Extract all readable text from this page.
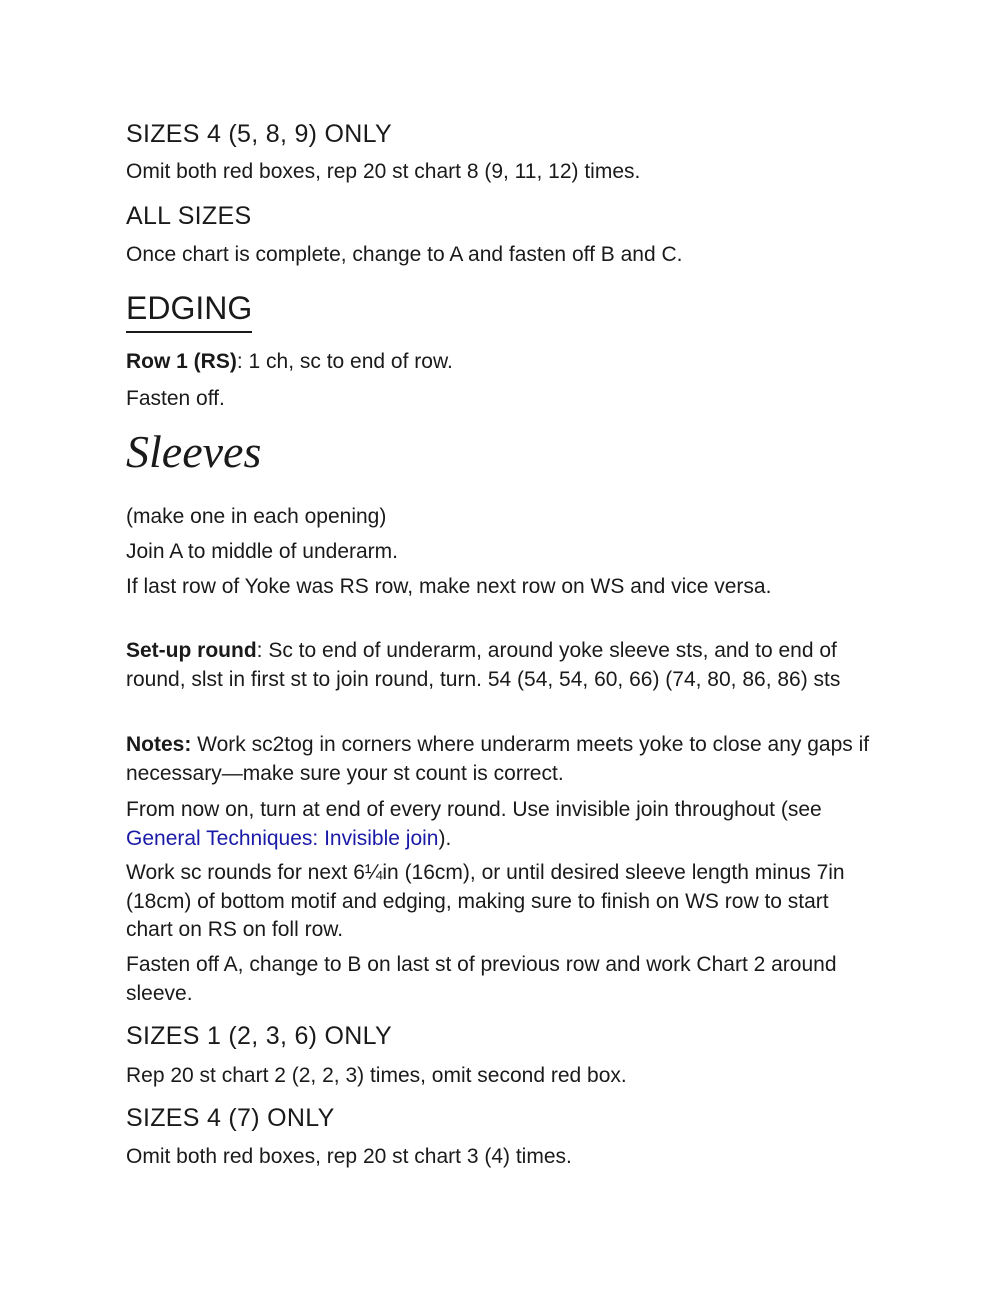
SIZES 4 (5, 8, 9) ONLY

Omit both red boxes, rep 20 st chart 8 (9, 11, 12) times.

ALL SIZES

Once chart is complete, change to A and fasten off B and C.

EDGING

Row 1 (RS): 1 ch, sc to end of row.

Fasten off.

Sleeves

(make one in each opening)

Join A to middle of underarm.

If last row of Yoke was RS row, make next row on WS and vice versa.

Set-up round: Sc to end of underarm, around yoke sleeve sts, and to end of round, slst in first st to join round, turn. 54 (54, 54, 60, 66) (74, 80, 86, 86) sts

Notes: Work sc2tog in corners where underarm meets yoke to close any gaps if necessary—make sure your st count is correct.

From now on, turn at end of every round. Use invisible join throughout (see General Techniques: Invisible join).

Work sc rounds for next 6¼in (16cm), or until desired sleeve length minus 7in (18cm) of bottom motif and edging, making sure to finish on WS row to start chart on RS on foll row.

Fasten off A, change to B on last st of previous row and work Chart 2 around sleeve.

SIZES 1 (2, 3, 6) ONLY

Rep 20 st chart 2 (2, 2, 3) times, omit second red box.

SIZES 4 (7) ONLY

Omit both red boxes, rep 20 st chart 3 (4) times.
